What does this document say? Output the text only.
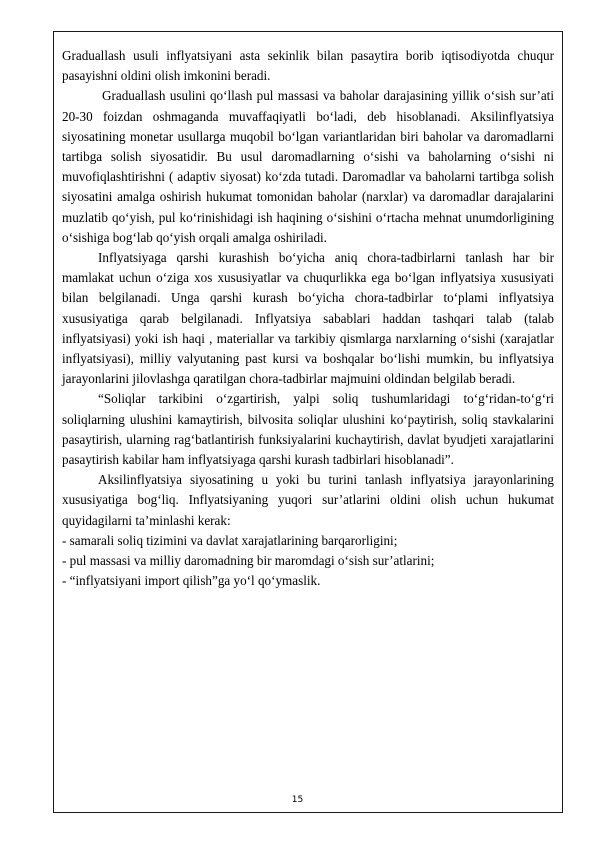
Graduallash usuli inflyatsiyani asta sekinlik bilan pasaytira borib iqtisodiyotda chuqur pasayishni oldini olish imkonini beradi.

Graduallash usulini qo‘llash pul massasi va baholar darajasining yillik o‘sish sur’ati 20-30 foizdan oshmaganda muvaffaqiyatli bo‘ladi, deb hisoblanadi. Aksilinflyatsiya siyosatining monetar usullarga muqobil bo‘lgan variantlaridan biri baholar va daromadlarni tartibga solish siyosatidir. Bu usul daromadlarning o‘sishi va baholarning o‘sishi ni muvofiqlashtirishni ( adaptiv siyosat) ko‘zda tutadi. Daromadlar va baholarni tartibga solish siyosatini amalga oshirish hukumat tomonidan baholar (narxlar) va daromadlar darajalarini muzlatib qo‘yish, pul ko‘rinishidagi ish haqining o‘sishini o‘rtacha mehnat unumdorligining o‘sishiga bog‘lab qo‘yish orqali amalga oshiriladi.

Inflyatsiyaga qarshi kurashish bo‘yicha aniq chora-tadbirlarni tanlash har bir mamlakat uchun o‘ziga xos xususiyatlar va chuqurlikka ega bo‘lgan inflyatsiya xususiyati bilan belgilanadi. Unga qarshi kurash bo‘yicha chora-tadbirlar to‘plami inflyatsiya xususiyatiga qarab belgilanadi. Inflyatsiya sabablari haddan tashqari talab (talab inflyatsiyasi) yoki ish haqi , materiallar va tarkibiy qismlarga narxlarning o‘sishi (xarajatlar inflyatsiyasi), milliy valyutaning past kursi va boshqalar bo‘lishi mumkin, bu inflyatsiya jarayonlarini jilovlashga qaratilgan chora-tadbirlar majmuini oldindan belgilab beradi.

“Soliqlar tarkibini o‘zgartirish, yalpi soliq tushumlaridagi to‘g‘ridan-to‘g‘ri soliqlarning ulushini kamaytirish, bilvosita soliqlar ulushini ko‘paytirish, soliq stavkalarini pasaytirish, ularning rag‘batlantirish funksiyalarini kuchaytirish, davlat byudjeti xarajatlarini pasaytirish kabilar ham inflyatsiyaga qarshi kurash tadbirlari hisoblanadi”.

Aksilinflyatsiya siyosatining u yoki bu turini tanlash inflyatsiya jarayonlarining xususiyatiga bog‘liq. Inflyatsiyaning yuqori sur’atlarini oldini olish uchun hukumat quyidagilarni ta’minlashi kerak:

- samarali soliq tizimini va davlat xarajatlarining barqarorligini;

- pul massasi va milliy daromadning bir maromdagi o‘sish sur’atlarini;

- “inflyatsiyani import qilish”ga yo‘l qo‘ymaslik.

15
